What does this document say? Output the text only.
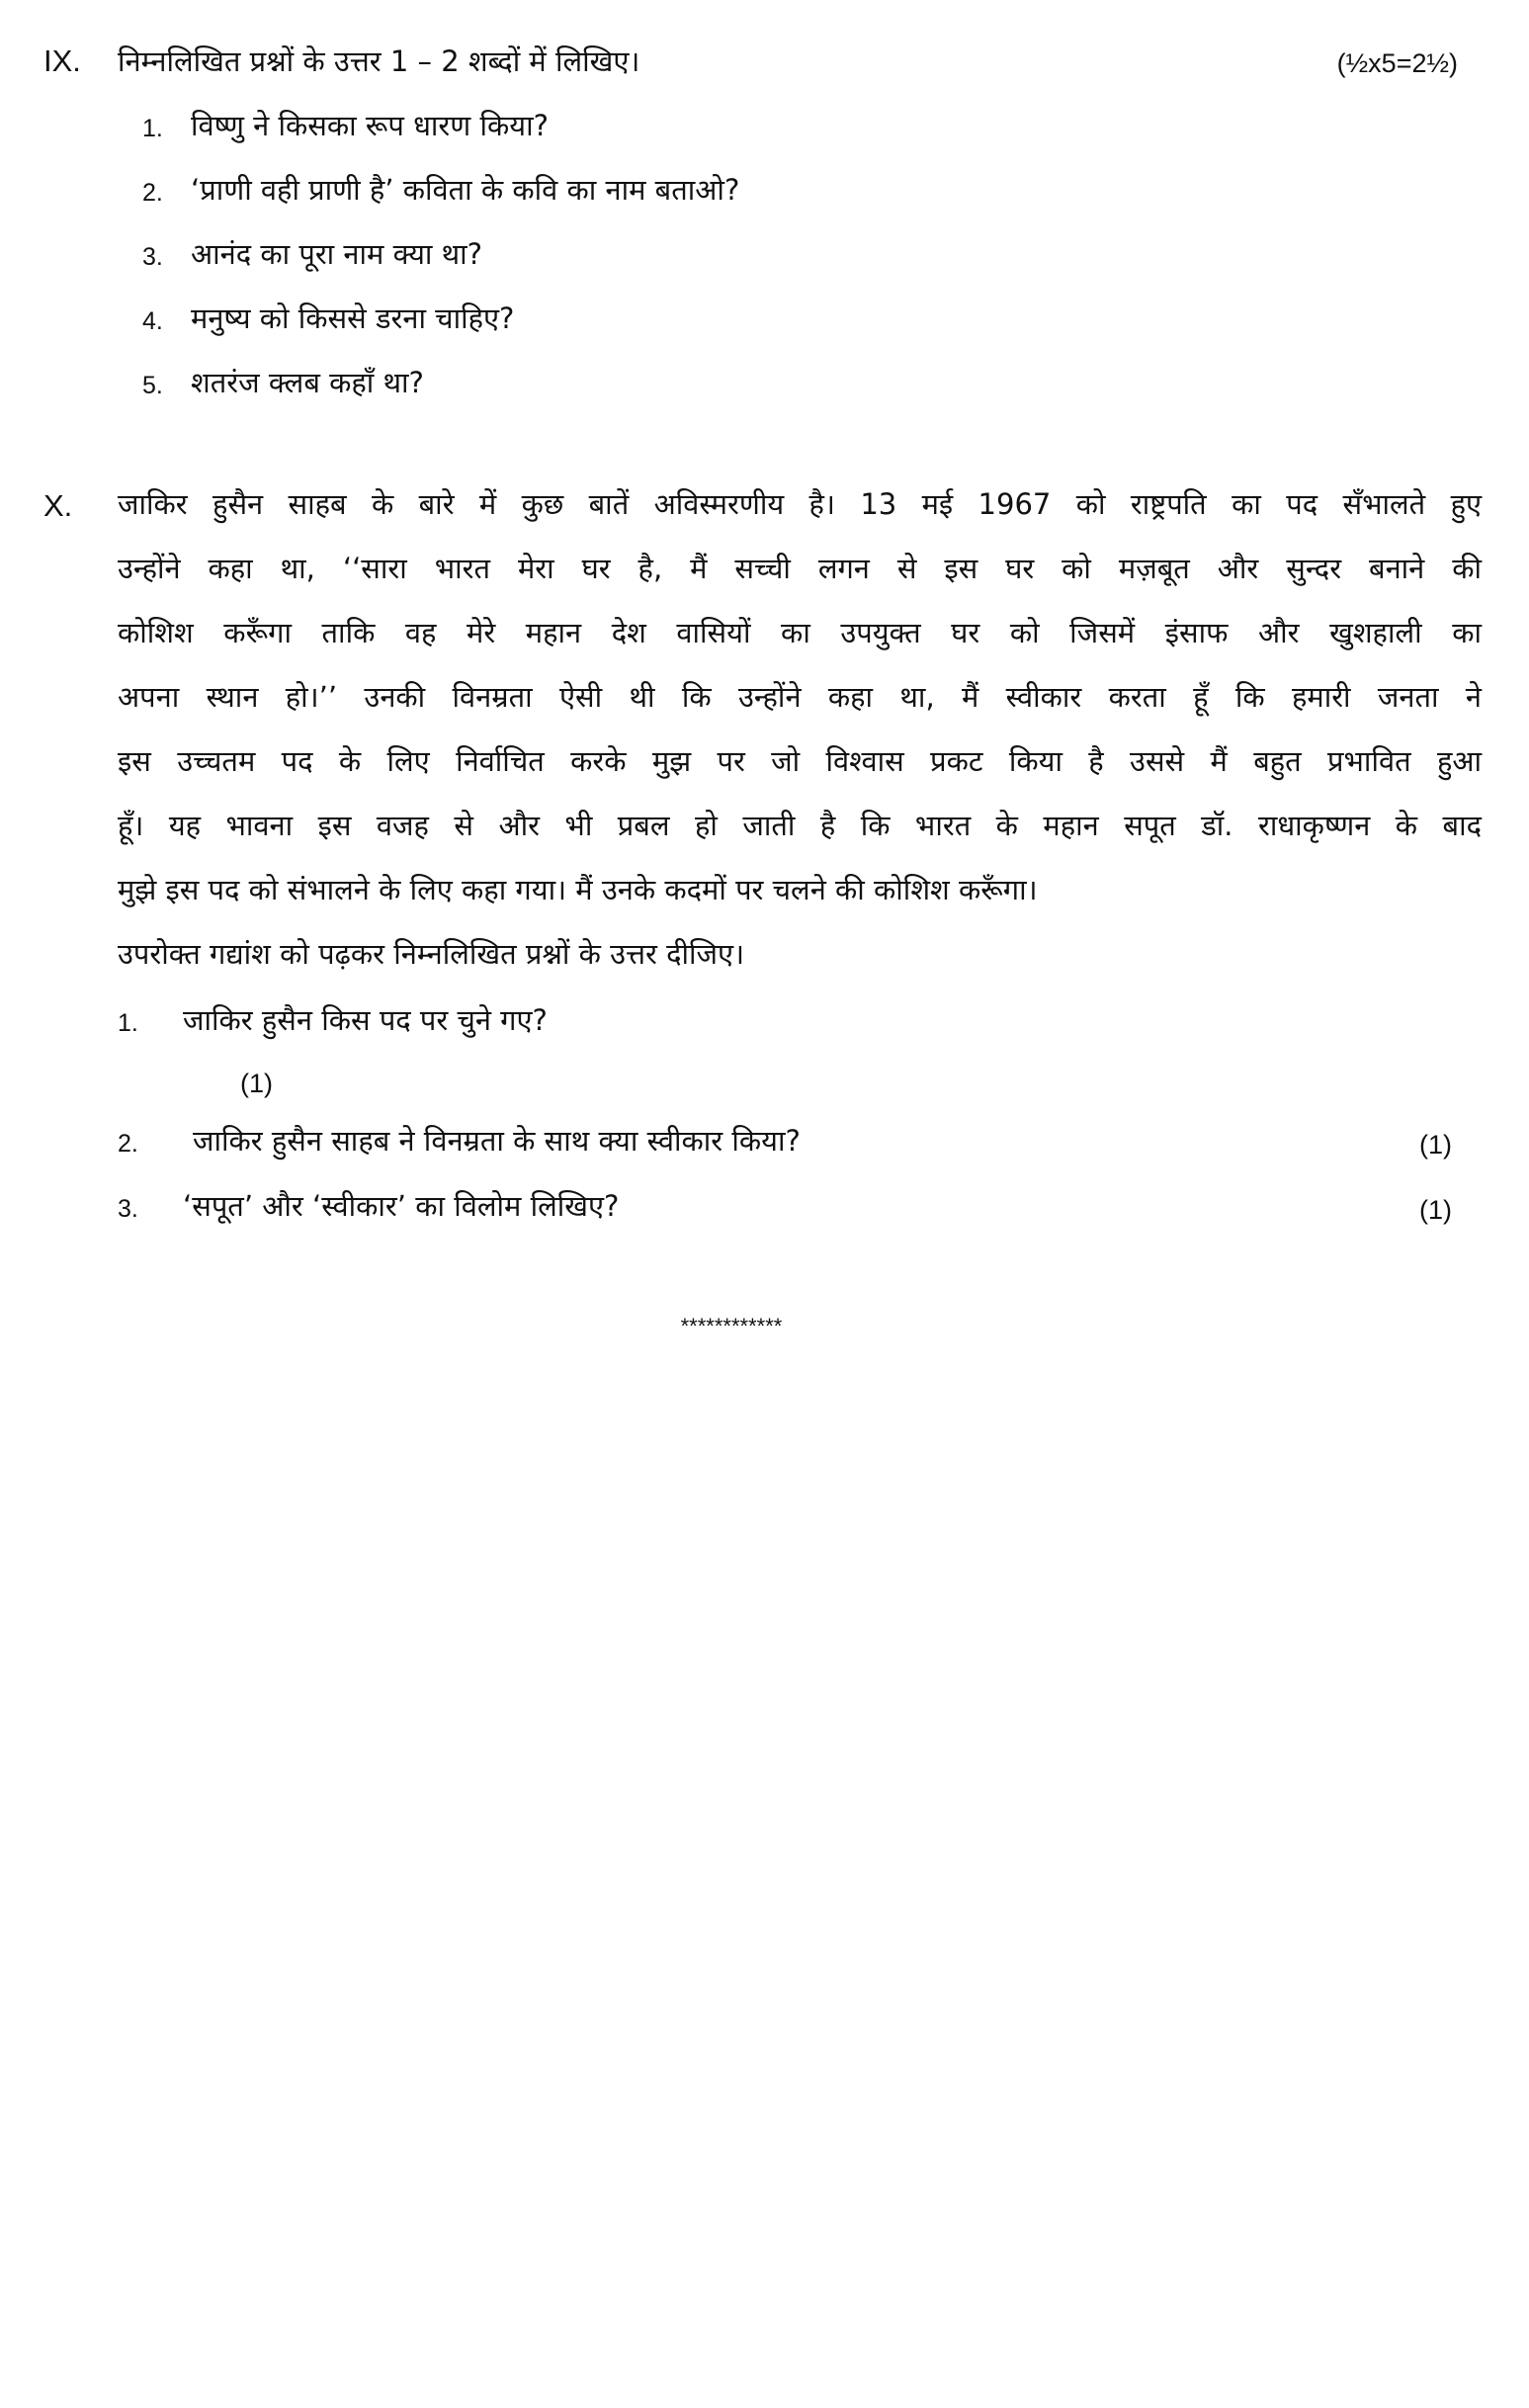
IX. निम्नलिखित प्रश्नों के उत्तर 1 – 2 शब्दों में लिखिए।	(½x5=2½)
1. विष्णु ने किसका रूप धारण किया?
2. ‘प्राणी वही प्राणी है’ कविता के कवि का नाम बताओ?
3. आनंद का पूरा नाम क्या था?
4. मनुष्य को किससे डरना चाहिए?
5. शतरंज क्लब कहाँ था?
X. जाकिर हुसैन साहब के बारे में कुछ बातें अविस्मरणीय है। 13 मई 1967 को राष्ट्रपति का पद सँभालते हुए
उन्होंने कहा था, ‘‘सारा भारत मेरा घर है, मैं सच्ची लगन से इस घर को मज़बूत और सुन्दर बनाने की
कोशिश करूँगा ताकि वह मेरे महान देश वासियों का उपयुक्त घर को जिसमें इंसाफ और खुशहाली का
अपना स्थान हो।’’ उनकी विनम्रता ऐसी थी कि उन्होंने कहा था, मैं स्वीकार करता हूँ कि हमारी जनता ने
इस उच्चतम पद के लिए निर्वाचित करके मुझ पर जो विश्वास प्रकट किया है उससे मैं बहुत प्रभावित हुआ
हूँ। यह भावना इस वजह से और भी प्रबल हो जाती है कि भारत के महान सपूत डॉ. राधाकृष्णन के बाद
मुझे इस पद को संभालने के लिए कहा गया। मैं उनके कदमों पर चलने की कोशिश करूँगा।
उपरोक्त गद्यांश को पढ़कर निम्नलिखित प्रश्नों के उत्तर दीजिए।
1. जाकिर हुसैन किस पद पर चुने गए?
(1)
2. जाकिर हुसैन साहब ने विनम्रता के साथ क्या स्वीकार किया?	(1)
3. ‘सपूत’ और ‘स्वीकार’ का विलोम लिखिए?	(1)
************
